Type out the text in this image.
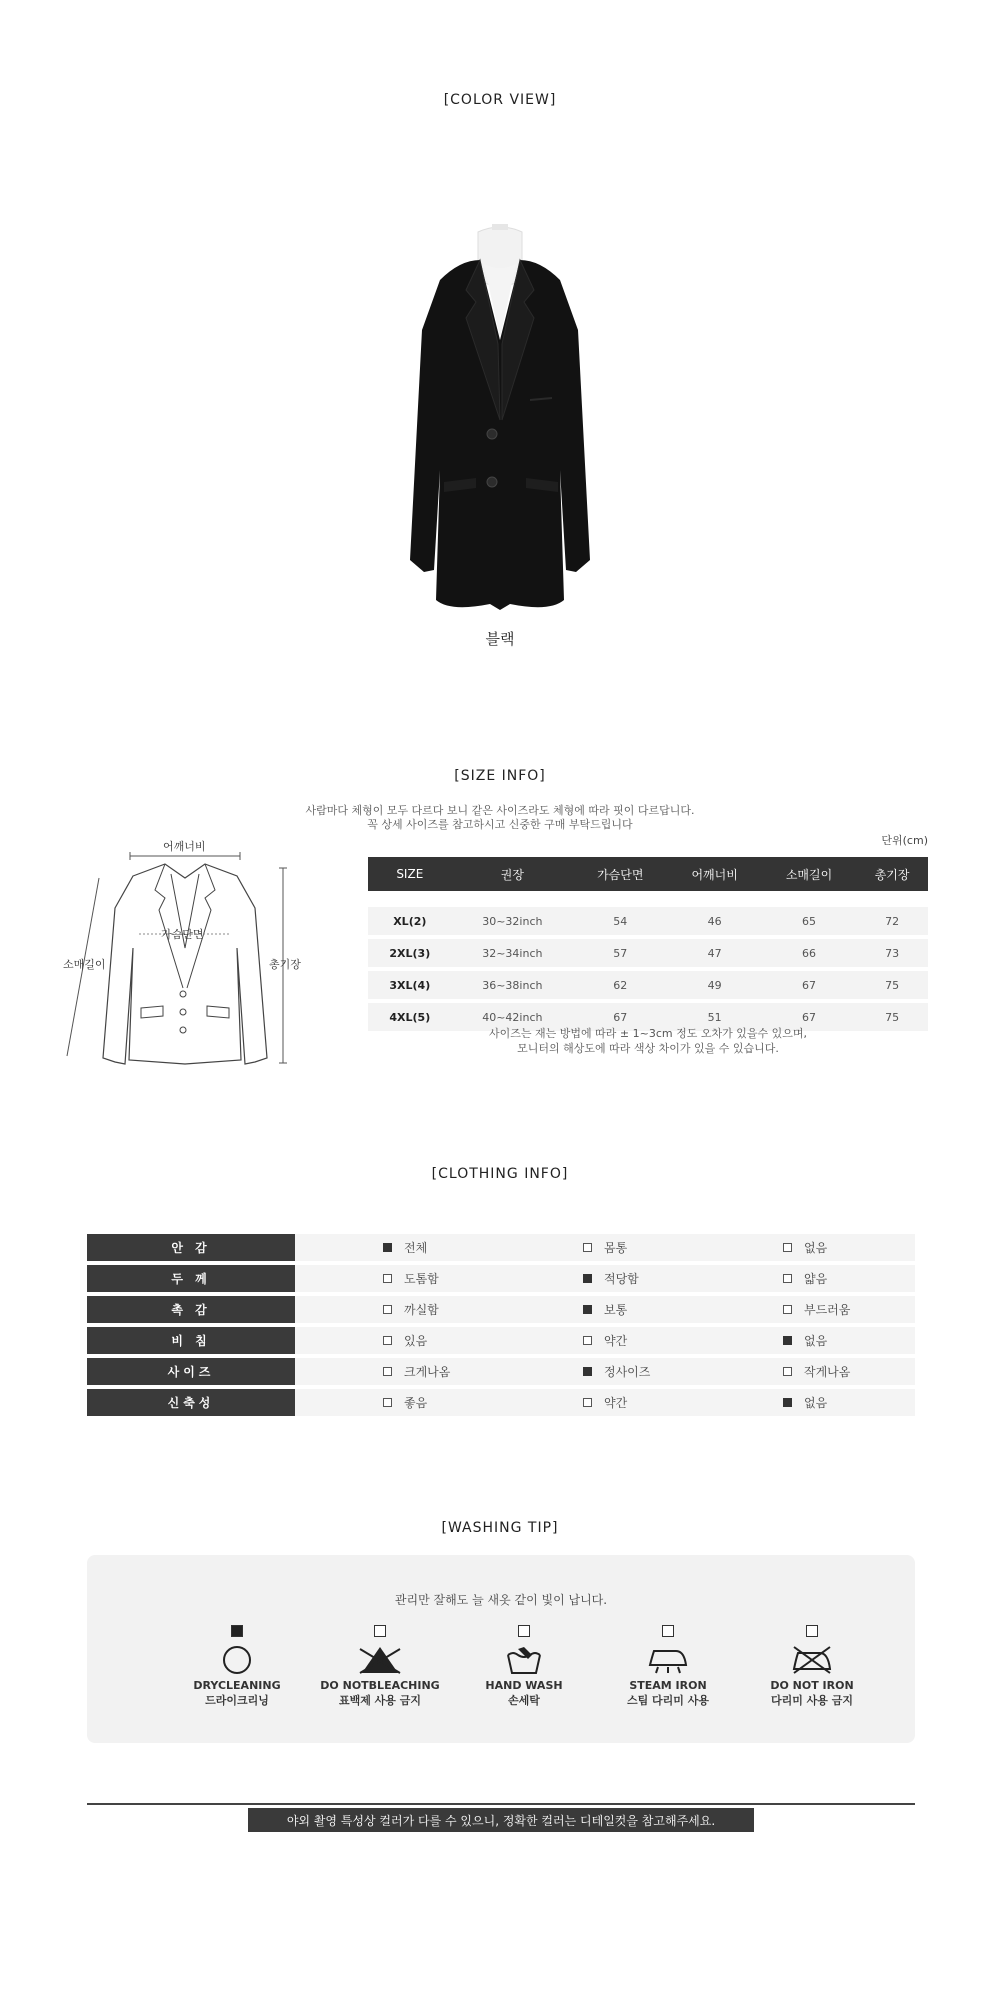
[COLOR VIEW]
블랙
[SIZE INFO]
사람마다 체형이 모두 다르다 보니 같은 사이즈라도 체형에 따라 핏이 다르답니다.
꼭 상세 사이즈를 참고하시고 신중한 구매 부탁드립니다
단위(cm)
어깨너비
가슴단면
소매길이	총기장
SIZE	권장	가슴단면	어깨너비	소매길이	총기장

XL(2)	30~32inch	54	46	65	72
2XL(3)	32~34inch	57	47	66	73
3XL(4)	36~38inch	62	49	67	75
4XL(5)	40~42inch	67	51	67	75
사이즈는 재는 방법에 따라 ± 1~3cm 정도 오차가 있을수 있으며,
모니터의 해상도에 따라 색상 차이가 있을 수 있습니다.
[CLOTHING INFO]
안 감	전체	몸통	없음
두 께	도톰함	적당함	얇음
촉 감	까실함	보통	부드러움
비 침	있음	약간	없음
사이즈	크게나옴	정사이즈	작게나옴
신축성	좋음	약간	없음
[WASHING TIP]
관리만 잘해도 늘 새옷 같이 빛이 납니다.
DRYCLEANING
드라이크리닝
DO NOTBLEACHING
표백제 사용 금지
HAND WASH
손세탁
STEAM IRON
스팀 다리미 사용
DO NOT IRON
다리미 사용 금지
야외 촬영 특성상 컬러가 다를 수 있으니, 정확한 컬러는 디테일컷을 참고해주세요.
